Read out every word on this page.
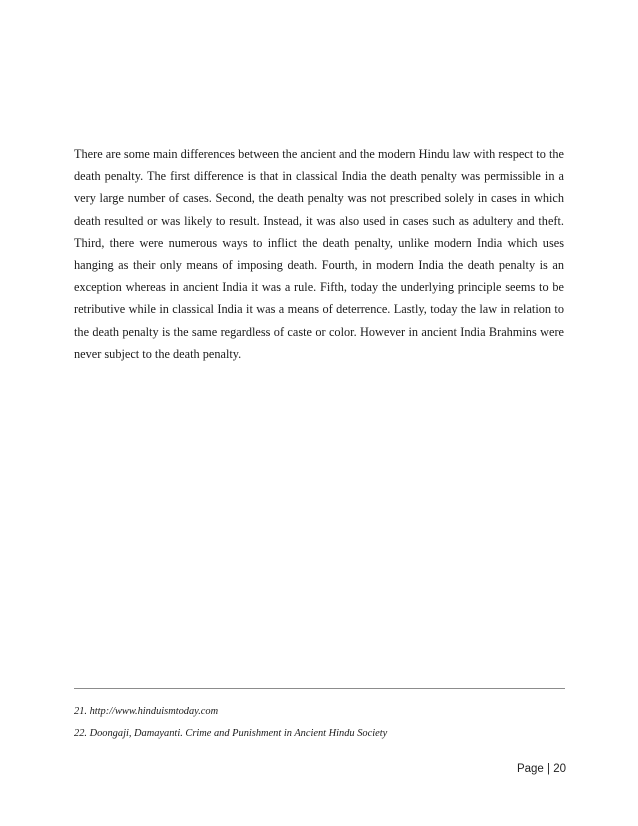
There are some main differences between the ancient and the modern Hindu law with respect to the death penalty. The first difference is that in classical India the death penalty was permissible in a very large number of cases. Second, the death penalty was not prescribed solely in cases in which death resulted or was likely to result. Instead, it was also used in cases such as adultery and theft. Third, there were numerous ways to inflict the death penalty, unlike modern India which uses hanging as their only means of imposing death. Fourth, in modern India the death penalty is an exception whereas in ancient India it was a rule. Fifth, today the underlying principle seems to be retributive while in classical India it was a means of deterrence. Lastly, today the law in relation to the death penalty is the same regardless of caste or color. However in ancient India Brahmins were never subject to the death penalty.

21. http://www.hinduismtoday.com

22. Doongaji, Damayanti. Crime and Punishment in Ancient Hindu Society

Page | 20
